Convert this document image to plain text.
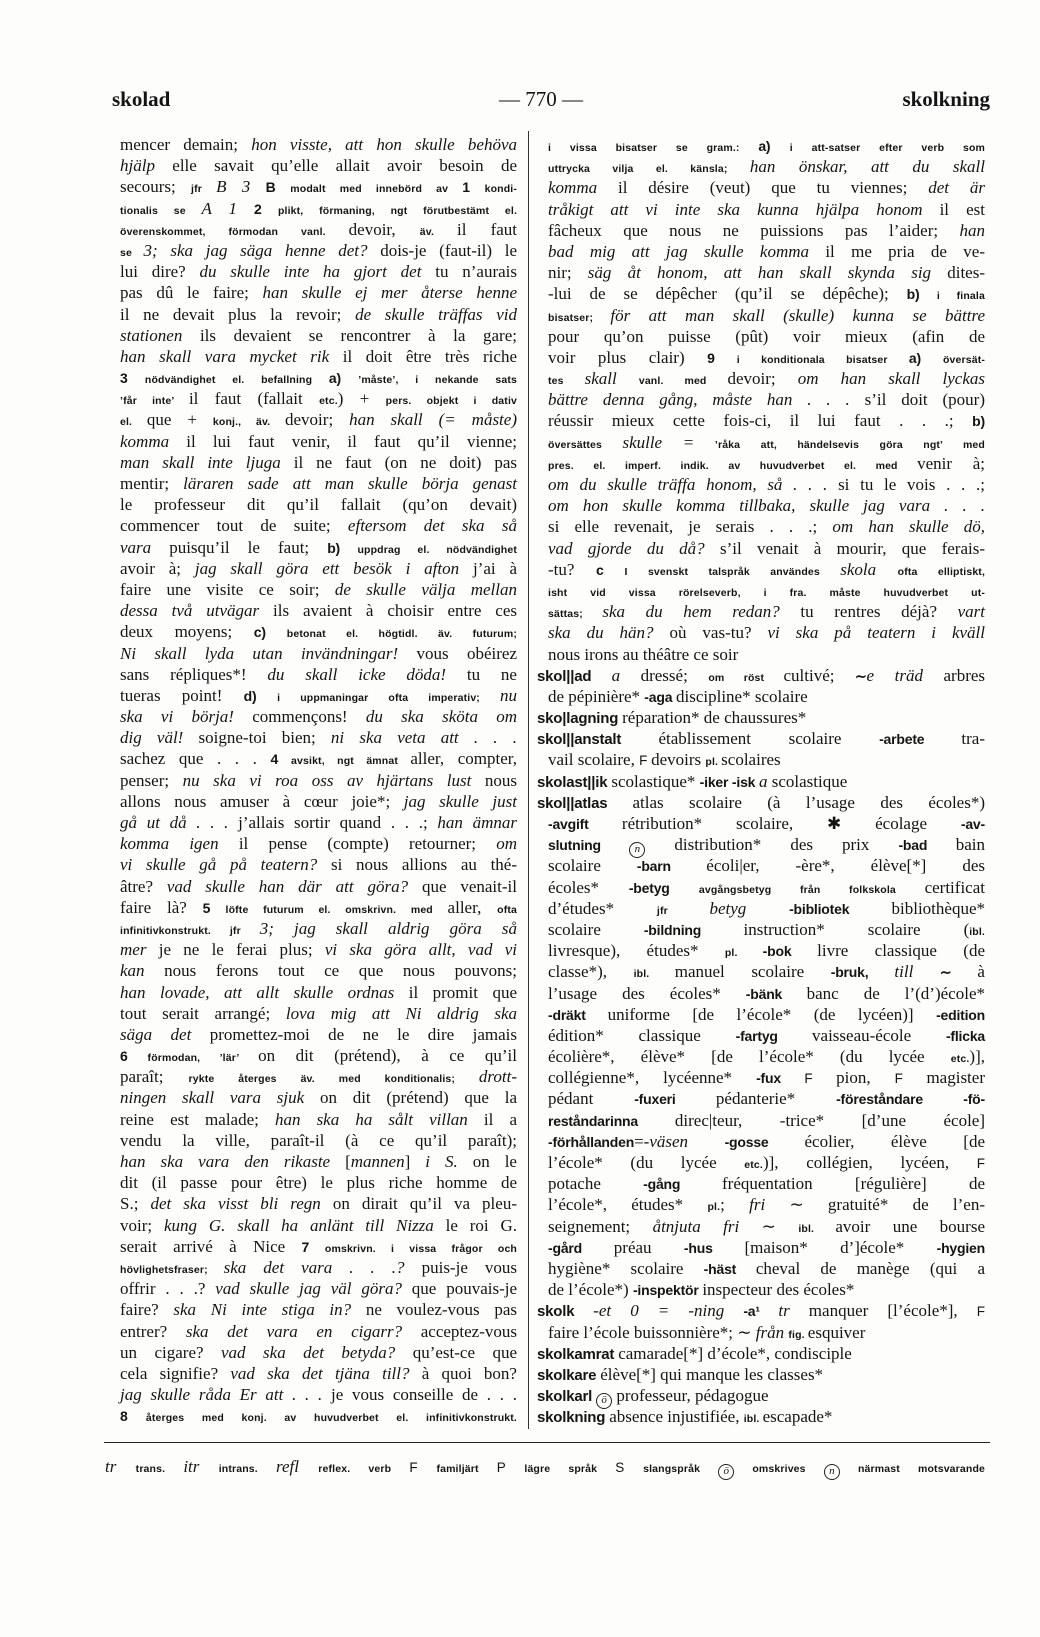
skolad	— 770 —	skolkning
mencer demain; hon visste, att hon skulle behöva
hjälp elle savait qu’elle allait avoir besoin de
secours; jfr B 3 B modalt med innebörd av 1 kondi-
tionalis se A 1 2 plikt, förmaning, ngt förutbestämt el.
överenskommet, förmodan vanl. devoir, äv. il faut
se 3; ska jag säga henne det? dois-je (faut-il) le
lui dire? du skulle inte ha gjort det tu n’aurais
pas dû le faire; han skulle ej mer återse henne
il ne devait plus la revoir; de skulle träffas vid
stationen ils devaient se rencontrer à la gare;
han skall vara mycket rik il doit être très riche
3 nödvändighet el. befallning a) ’måste’, i nekande sats
’får inte’ il faut (fallait etc.) + pers. objekt i dativ
el. que + konj., äv. devoir; han skall (= måste)
komma il lui faut venir, il faut qu’il vienne;
man skall inte ljuga il ne faut (on ne doit) pas
mentir; läraren sade att man skulle börja genast
le professeur dit qu’il fallait (qu’on devait)
commencer tout de suite; eftersom det ska så
vara puisqu’il le faut; b) uppdrag el. nödvändighet
avoir à; jag skall göra ett besök i afton j’ai à
faire une visite ce soir; de skulle välja mellan
dessa två utvägar ils avaient à choisir entre ces
deux moyens; c) betonat el. högtidl. äv. futurum;
Ni skall lyda utan invändningar! vous obéirez
sans répliques*! du skall icke döda! tu ne
tueras point! d) i uppmaningar ofta imperativ; nu
ska vi börja! commençons! du ska sköta om
dig väl! soigne-toi bien; ni ska veta att . . .
sachez que . . . 4 avsikt, ngt ämnat aller, compter,
penser; nu ska vi roa oss av hjärtans lust nous
allons nous amuser à cœur joie*; jag skulle just
gå ut då . . . j’allais sortir quand . . .; han ämnar
komma igen il pense (compte) retourner; om
vi skulle gå på teatern? si nous allions au thé-
âtre? vad skulle han där att göra? que venait-il
faire là? 5 löfte futurum el. omskrivn. med aller, ofta
infinitivkonstrukt. jfr 3; jag skall aldrig göra så
mer je ne le ferai plus; vi ska göra allt, vad vi
kan nous ferons tout ce que nous pouvons;
han lovade, att allt skulle ordnas il promit que
tout serait arrangé; lova mig att Ni aldrig ska
säga det promettez-moi de ne le dire jamais
6 förmodan, ’lär’ on dit (prétend), à ce qu’il
paraît; rykte återges äv. med konditionalis; drott-
ningen skall vara sjuk on dit (prétend) que la
reine est malade; han ska ha sålt villan il a
vendu la ville, paraît-il (à ce qu’il paraît);
han ska vara den rikaste [mannen] i S. on le
dit (il passe pour être) le plus riche homme de
S.; det ska visst bli regn on dirait qu’il va pleu-
voir; kung G. skall ha anlänt till Nizza le roi G.
serait arrivé à Nice 7 omskrivn. i vissa frågor och
hövlighetsfraser; ska det vara . . .? puis-je vous
offrir . . .? vad skulle jag väl göra? que pouvais-je
faire? ska Ni inte stiga in? ne voulez-vous pas
entrer? ska det vara en cigarr? acceptez-vous
un cigare? vad ska det betyda? qu’est-ce que
cela signifie? vad ska det tjäna till? à quoi bon?
jag skulle råda Er att . . . je vous conseille de . . .
8 återges med konj. av huvudverbet el. infinitivkonstrukt.
i vissa bisatser se gram.: a) i att-satser efter verb som
uttrycka vilja el. känsla; han önskar, att du skall
komma il désire (veut) que tu viennes; det är
tråkigt att vi inte ska kunna hjälpa honom il est
fâcheux que nous ne puissions pas l’aider; han
bad mig att jag skulle komma il me pria de ve-
nir; säg åt honom, att han skall skynda sig dites-
-lui de se dépêcher (qu’il se dépêche); b) i finala
bisatser; för att man skall (skulle) kunna se bättre
pour qu’on puisse (pût) voir mieux (afin de
voir plus clair) 9 i konditionala bisatser a) översät-
tes skall vanl. med devoir; om han skall lyckas
bättre denna gång, måste han . . . s’il doit (pour)
réussir mieux cette fois-ci, il lui faut . . .; b)
översättes skulle = ’råka att, händelsevis göra ngt’ med
pres. el. imperf. indik. av huvudverbet el. med venir à;
om du skulle träffa honom, så . . . si tu le vois . . .;
om hon skulle komma tillbaka, skulle jag vara . . .
si elle revenait, je serais . . .; om han skulle dö,
vad gjorde du då? s’il venait à mourir, que ferais-
-tu? c I svenskt talspråk användes skola ofta elliptiskt,
isht vid vissa rörelseverb, i fra. måste huvudverbet ut-
sättas; ska du hem redan? tu rentres déjà? vart
ska du hän? où vas-tu? vi ska på teatern i kväll
nous irons au théâtre ce soir
skol||ad a dressé; om röst cultivé; ∼e träd arbres
de pépinière* -aga discipline* scolaire
sko|lagning réparation* de chaussures*
skol||anstalt établissement scolaire -arbete tra-
vail scolaire, F devoirs pl. scolaires
skolast||ik scolastique* -iker -isk a scolastique
skol||atlas atlas scolaire (à l’usage des écoles*)
-avgift rétribution* scolaire, ✱ écolage -av-
slutning n distribution* des prix -bad bain
scolaire -barn écoli|er, -ère*, élève[*] des
écoles* -betyg avgångsbetyg från folkskola certificat
d’études* jfr betyg -bibliotek bibliothèque*
scolaire -bildning instruction* scolaire (ibl.
livresque), études* pl. -bok livre classique (de
classe*), ibl. manuel scolaire -bruk, till ∼ à
l’usage des écoles* -bänk banc de l’(d’)école*
-dräkt uniforme [de l’école* (de lycéen)] -edition
édition* classique -fartyg vaisseau-école -flicka
écolière*, élève* [de l’école* (du lycée etc.)],
collégienne*, lycéenne* -fux F pion, F magister
pédant -fuxeri pédanterie* -föreståndare -fö-
reståndarinna direc|teur, -trice* [d’une école]
-förhållanden=-väsen -gosse écolier, élève [de
l’école* (du lycée etc.)], collégien, lycéen, F
potache -gång fréquentation [régulière] de
l’école*, études* pl.; fri ∼ gratuité* de l’en-
seignement; åtnjuta fri ∼ ibl. avoir une bourse
-gård préau -hus [maison* d’]école* -hygien
hygiène* scolaire -häst cheval de manège (qui a
de l’école*) -inspektör inspecteur des écoles*
skolk -et 0 = -ning -a¹ tr manquer [l’école*], F
faire l’école buissonnière*; ∼ från fig. esquiver
skolkamrat camarade[*] d’école*, condisciple
skolkare élève[*] qui manque les classes*
skolkarl ö professeur, pédagogue
skolkning absence injustifiée, ibl. escapade*
tr trans. itr intrans. refl reflex. verb F familjärt P lägre språk S slangspråk ö omskrives n närmast motsvarande
